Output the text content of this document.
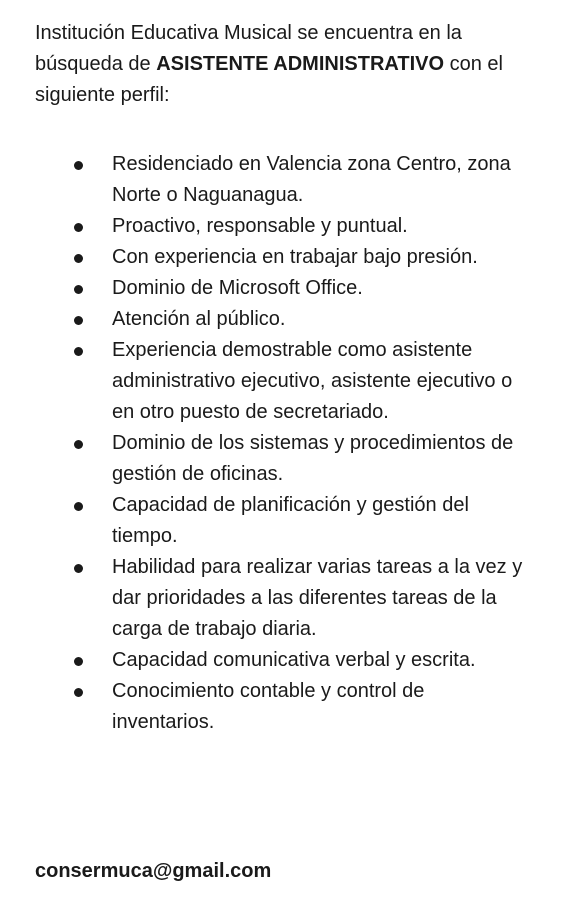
Institución Educativa Musical se encuentra en la búsqueda de ASISTENTE ADMINISTRATIVO con el siguiente perfil:

Residenciado en Valencia zona Centro, zona Norte o Naguanagua.
Proactivo, responsable y puntual.
Con experiencia en trabajar bajo presión.
Dominio de Microsoft Office.
Atención al público.
Experiencia demostrable como asistente administrativo ejecutivo, asistente ejecutivo o en otro puesto de secretariado.
Dominio de los sistemas y procedimientos de gestión de oficinas.
Capacidad de planificación y gestión del tiempo.
Habilidad para realizar varias tareas a la vez y dar prioridades a las diferentes tareas de la carga de trabajo diaria.
Capacidad comunicativa verbal y escrita.
Conocimiento contable y control de inventarios.

consermuca@gmail.com
